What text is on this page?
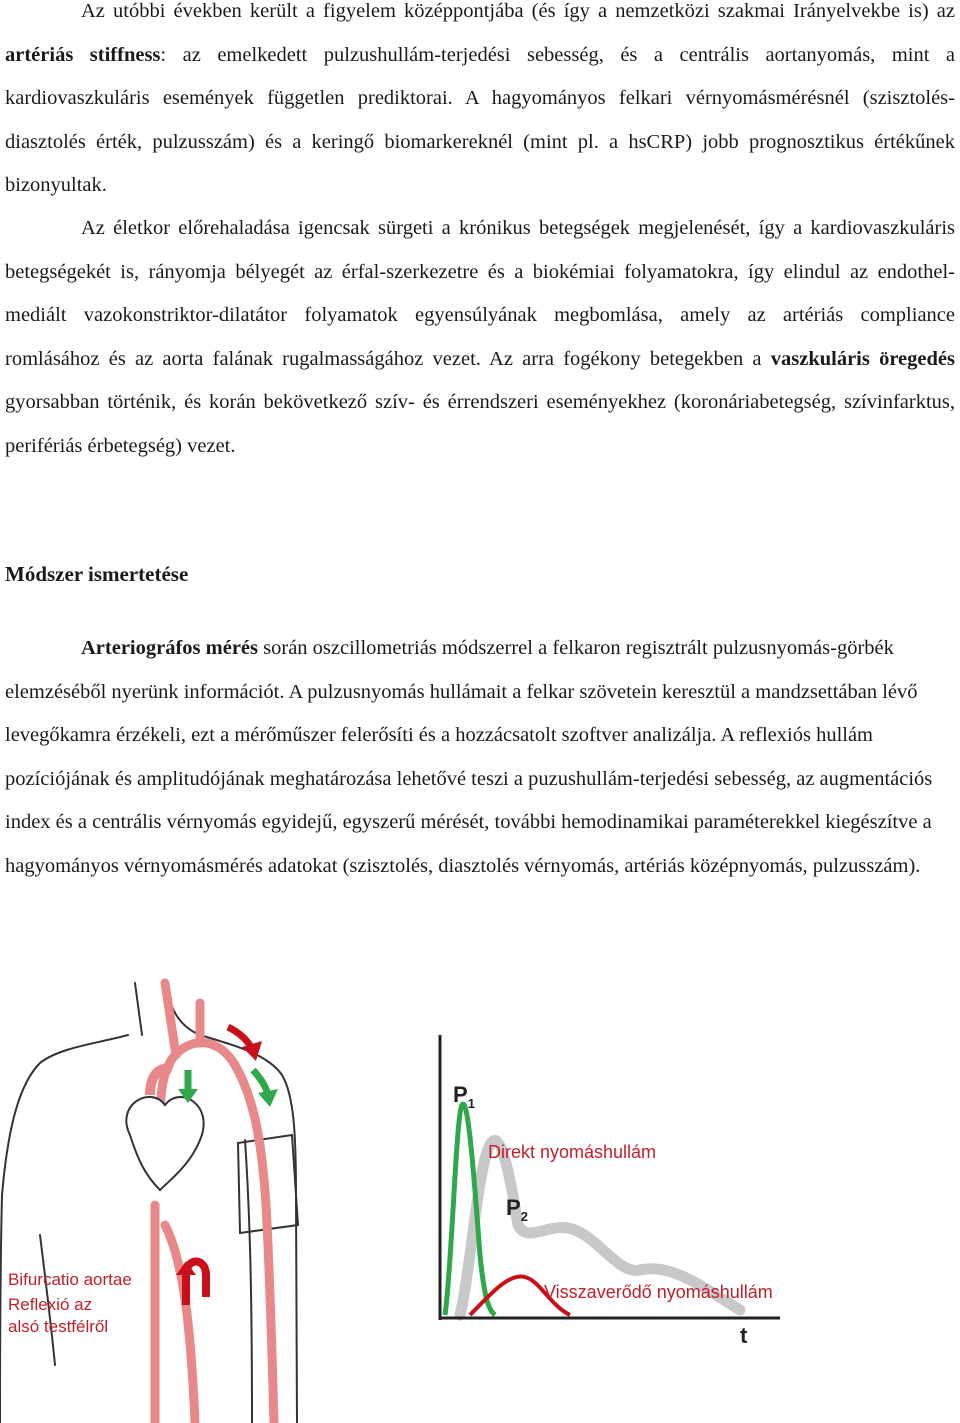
Az utóbbi években került a figyelem középpontjába (és így a nemzetközi szakmai Irányelvekbe is) az artériás stiffness: az emelkedett pulzushullám-terjedési sebesség, és a centrális aortanyomás, mint a kardiovaszkuláris események független prediktorai. A hagyományos felkari vérnyomásmérésnél (szisztolés-diasztolés érték, pulzusszám) és a keringő biomarkereknél (mint pl. a hsCRP) jobb prognosztikus értékűnek bizonyultak.

Az életkor előrehaladása igencsak sürgeti a krónikus betegségek megjelenését, így a kardiovaszkuláris betegségekét is, rányomja bélyegét az érfal-szerkezetre és a biokémiai folyamatokra, így elindul az endothel-mediált vazokonstriktor-dilatátor folyamatok egyensúlyának megbomlása, amely az artériás compliance romlásához és az aorta falának rugalmasságához vezet. Az arra fogékony betegekben a vaszkuláris öregedés gyorsabban történik, és korán bekövetkező szív- és érrendszeri eseményekhez (koronáriabetegség, szívinfarktus, perifériás érbetegség) vezet.

Módszer ismertetése

Arteriográfos mérés során oszcillometriás módszerrel a felkaron regisztrált pulzusnyomás-görbék elemzéséből nyerünk információt. A pulzusnyomás hullámait a felkar szövetein keresztül a mandzsettában lévő levegőkamra érzékeli, ezt a mérőműszer felerősíti és a hozzácsatolt szoftver analizálja. A reflexiós hullám pozíciójának és amplitudójának meghatározása lehetővé teszi a puzushullám-terjedési sebesség, az augmentációs index és a centrális vérnyomás egyidejű, egyszerű mérését, további hemodinamikai paraméterekkel kiegészítve a hagyományos vérnyomásmérés adatokat (szisztolés, diasztolés vérnyomás, artériás középnyomás, pulzusszám).

Bifurcatio aortae
Reflexió az
alsó testfélről
$P_1$
$P_2$
Direkt nyomáshullám
Visszaverődő nyomáshullám
t
